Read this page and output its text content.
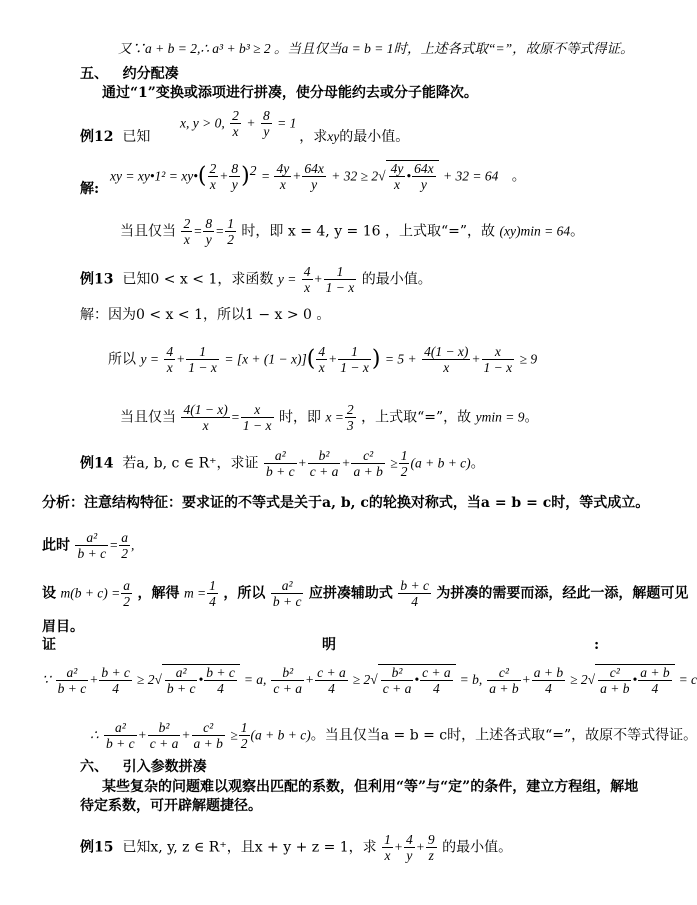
又∵a + b = 2,∴ a³ + b³ ≥ 2 。当且仅当a = b = 1时，上述各式取“=”，故原不等式得证。
五、 约分配凑
通过“1”变换或添项进行拼凑，使分母能约去或分子能降次。
x, y > 0, $\frac{2}{x} + \frac{8}{y} = 1$
例12 已知	，求xy的最小值。
解:
xy = xy•1² = xy•( $\frac{2}{x} + \frac{8}{y} )^2 = \frac{4y}{x} + \frac{64x}{y} + 32 \ge 2√ \frac{4y}{x}$ • $\frac{64x}{y} + 32 = 64$ 。
当且仅当 $\frac{2}{x} = \frac{8}{y} = \frac{1}{2}$ 时，即 x = 4, y = 16 ，上式取“=”，故 (xy)min = 64。
例13 已知0 < x < 1，求函数 $y = \frac{4}{x} + \frac{1}{1 - x}$ 的最小值。
解：因为0 < x < 1，所以1 − x > 0 。
所以 $y = \frac{4}{x} + \frac{1}{1 - x} = [x + (1 - x)]( \frac{4}{x} + \frac{1}{1 - x}$ ) = $5 + \frac{4(1 - x)}{x} + \frac{x}{1 - x} \ge 9$
当且仅当 $\frac{4(1 - x)}{x} = \frac{x}{1 - x}$ 时，即 $x = \frac{2}{3}$ ，上式取“=”，故 ymin = 9。
例14 若a, b, c ∈ R⁺，求证 $\frac{\text{a²}}{b + c} + \frac{\text{b²}}{c + a} + \frac{\text{c²}}{a + b} \ge \frac{1}{2} (a + b + c)$。
分析：注意结构特征：要求证的不等式是关于a, b, c的轮换对称式，当a = b = c时，等式成立。
此时 $\frac{\text{a²}}{b + c} = \frac{a}{2}$ ,
设 $m(b + c) = \frac{a}{2}$ ，解得 $m = \frac{1}{4}$ ，所以 $\frac{\text{a²}}{b + c}$ 应拼凑辅助式 $\frac{b + c}{4}$ 为拼凑的需要而添，经此一添，解题可见
眉目。
证	明	:
∵ $\frac{\text{a²}}{b + c} + \frac{b + c}{4} \ge 2√ \frac{\text{a²}}{b + c}$ • $\frac{b + c}{4} = a$, $\frac{\text{b²}}{c + a} + \frac{c + a}{4} \ge 2√ \frac{\text{b²}}{c + a}$ • $\frac{c + a}{4} = b$, $\frac{\text{c²}}{a + b} + \frac{a + b}{4} \ge 2√ \frac{\text{c²}}{a + b}$ • $\frac{a + b}{4} = c$
∴ $\frac{\text{a²}}{b + c} + \frac{\text{b²}}{c + a} + \frac{\text{c²}}{a + b} \ge \frac{1}{2} (a + b + c)$。当且仅当a = b = c时，上述各式取“=”，故原不等式得证。
六、 引入参数拼凑
某些复杂的问题难以观察出匹配的系数，但利用“等”与“定”的条件，建立方程组，解地
待定系数，可开辟解题捷径。
例15 已知x, y, z ∈ R⁺，且x + y + z = 1，求 $\frac{1}{x} + \frac{4}{y} + \frac{9}{z}$ 的最小值。
